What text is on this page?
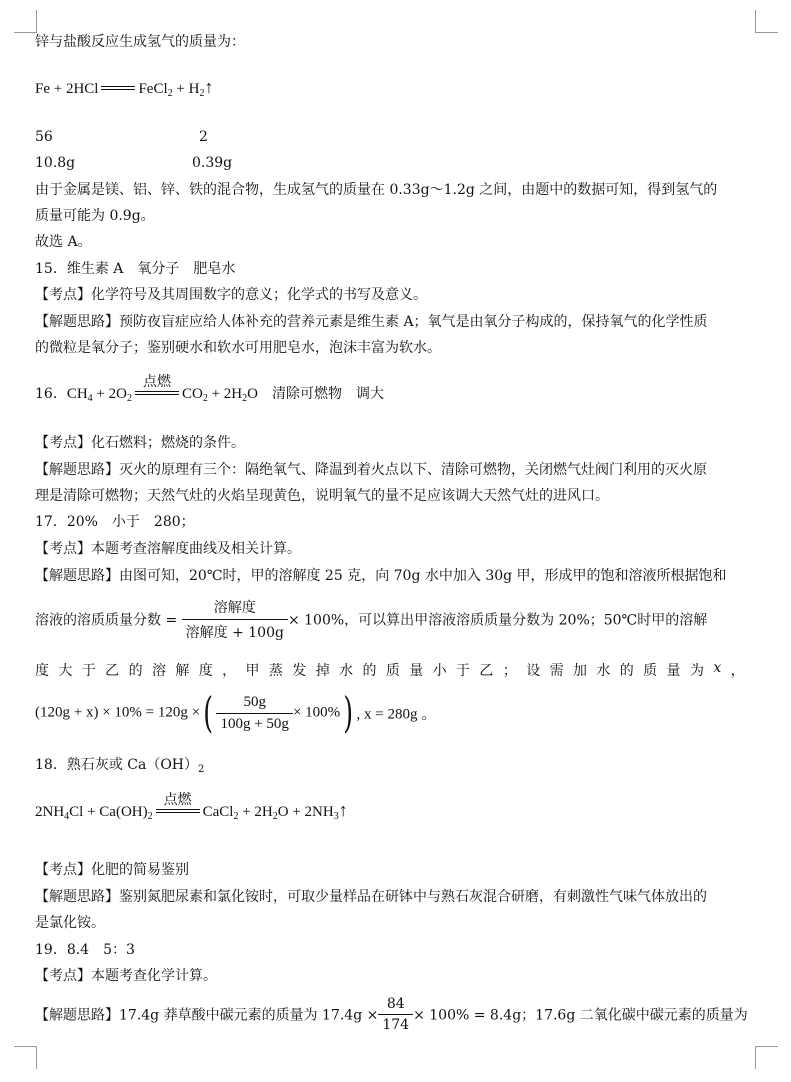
锌与盐酸反应生成氢气的质量为：
Fe + 2HCl	FeCl$_2$ + $H_2↑$
56	2
10.8g	0.39g
由于金属是镁、铝、锌、铁的混合物，生成氢气的质量在 0.33g～1.2g 之间，由题中的数据可知，得到氢气的
质量可能为 0.9g。
故选 A。
15．维生素 A　氧分子　肥皂水
【考点】化学符号及其周围数字的意义；化学式的书写及意义。
【解题思路】预防夜盲症应给人体补充的营养元素是维生素 A；氧气是由氧分子构成的，保持氧气的化学性质
的微粒是氧分子；鉴别硬水和软水可用肥皂水，泡沫丰富为软水。
16．$CH_4 + 2O_2$
点燃
$CO_2 + 2H_2O$　清除可燃物　调大
【考点】化石燃料；燃烧的条件。
【解题思路】灭火的原理有三个：隔绝氧气、降温到着火点以下、清除可燃物，关闭燃气灶阀门利用的灭火原
理是清除可燃物；天然气灶的火焰呈现黄色，说明氧气的量不足应该调大天然气灶的进风口。
17．20%　小于　280；
【考点】本题考查溶解度曲线及相关计算。
【解题思路】由图可知，20℃时，甲的溶解度 25 克，向 70g 水中加入 30g 甲，形成甲的饱和溶液所根据饱和
溶液的溶质质量分数 = $\frac{\text{溶解度}}{\text{溶解度 + 100g}} \times 100\%$，可以算出甲溶液溶质质量分数为 20%；50℃时甲的溶解
度 大 于 乙 的 溶 解 度 ， 甲 蒸 发 掉 水 的 质 量 小 于 乙 ； 设 需 加 水 的 质 量 为 x ，
(120g + x) × 10% = 120g ×( $\frac{50g}{100g + 50g} \times 100\%$) , x = 280g 。
18．熟石灰或 $Ca(OH)_2$
$2NH_4Cl + Ca(OH)_2$
点燃
CaCl$_2$ + $2H_2O$ + $2NH_3↑$
【考点】化肥的简易鉴别
【解题思路】鉴别氮肥尿素和氯化铵时，可取少量样品在研钵中与熟石灰混合研磨，有刺激性气味气体放出的
是氯化铵。
19．8.4　5：3
【考点】本题考查化学计算。
【解题思路】17.4g 莽草酸中碳元素的质量为 $17.4g \times \frac{84}{174} \times 100\% = 8.4g$；17.6g 二氧化碳中碳元素的质量为
